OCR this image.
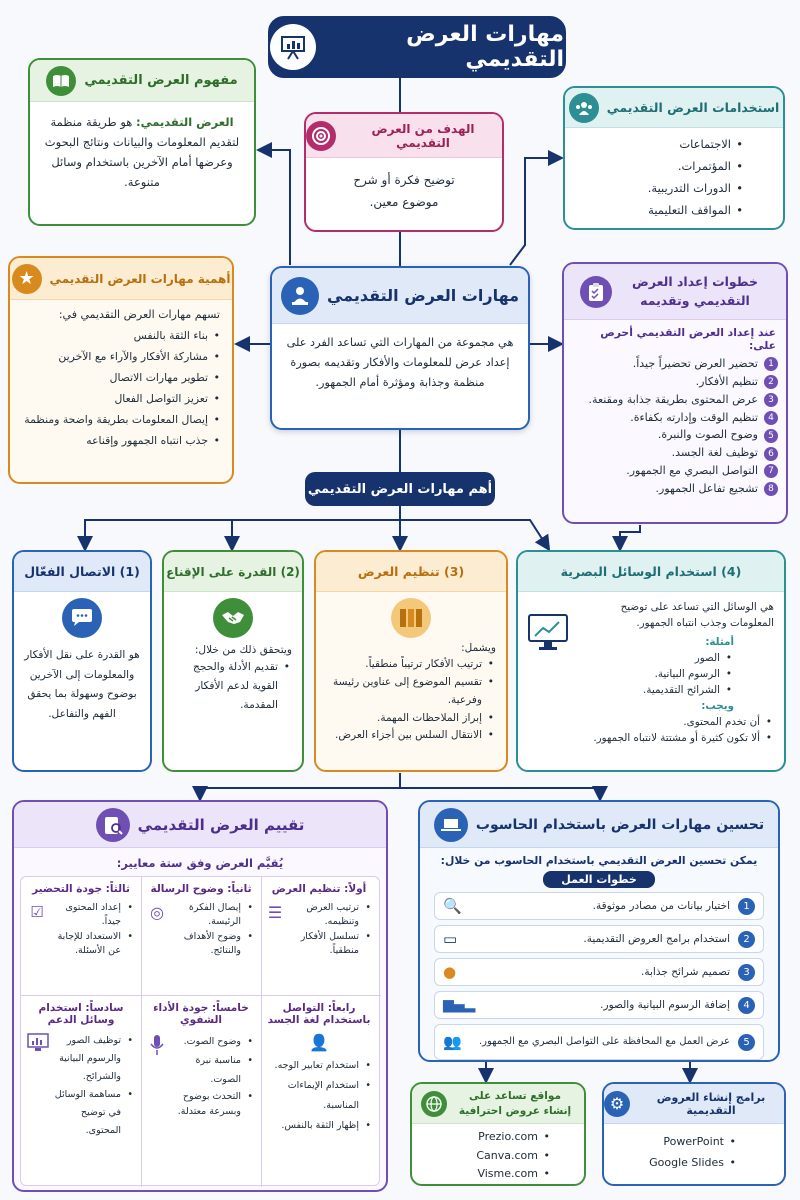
مهارات العرض التقديمي
مفهوم العرض التقديمي
العرض التقديمي: هو طريقة منظمة لتقديم المعلومات والبيانات ونتائج البحوث وعرضها أمام الآخرين باستخدام وسائل متنوعة.
الهدف من العرض التقديمي
توضيح فكرة أو شرح موضوع معين.
استخدامات العرض التقديمي
• الاجتماعات
• المؤتمرات.
• الدورات التدريبية.
• المواقف التعليمية
أهمية مهارات العرض التقديمي
★
تسهم مهارات العرض التقديمي في:
• بناء الثقة بالنفس
• مشاركة الأفكار والآراء مع الآخرين
• تطوير مهارات الاتصال
• تعزيز التواصل الفعال
• إيصال المعلومات بطريقة واضحة ومنظمة
• جذب انتباه الجمهور وإقناعه
مهارات العرض التقديمي
هي مجموعة من المهارات التي تساعد الفرد على إعداد عرض للمعلومات والأفكار وتقديمه بصورة منظمة وجذابة ومؤثرة أمام الجمهور.
خطوات إعداد العرض التقديمي وتقديمه
عند إعداد العرض التقديمي أحرص على:
1
تحضير العرض تحضيراً جيداً.
2
تنظيم الأفكار.
3
عرض المحتوى بطريقة جذابة ومقنعة.
4
تنظيم الوقت وإدارته بكفاءة.
5
وضوح الصوت والنبرة.
6
توظيف لغة الجسد.
7
التواصل البصري مع الجمهور.
8
تشجيع تفاعل الجمهور.
أهم مهارات العرض التقديمي
(4) استخدام الوسائل البصرية
هي الوسائل التي تساعد على توضيح المعلومات وجذب انتباه الجمهور.
أمثلة:
• الصور
• الرسوم البيانية.
• الشرائح التقديمية.
ويجب:
• أن تخدم المحتوى.
• ألا تكون كثيرة أو مشتتة لانتباه الجمهور.
(3) تنظيم العرض
ويشمل:
• ترتيب الأفكار ترتيباً منطقياً.
• تقسيم الموضوع إلى عناوين رئيسة وفرعية.
• إبراز الملاحظات المهمة.
• الانتقال السلس بين أجزاء العرض.
(2) القدرة على الإقناع
ويتحقق ذلك من خلال:
• تقديم الأدلة والحجج القوية لدعم الأفكار المقدمة.
(1) الاتصال الفعّال
هو القدرة على نقل الأفكار والمعلومات إلى الآخرين بوضوح وسهولة بما يحقق الفهم والتفاعل.
تقييم العرض التقديمي
يُقيَّم العرض وفق ستة معايير:
أولاً: تنظيم العرض
• ترتيب العرض وتنظيمه.
• تسلسل الأفكار منطقياً.
☰
ثانياً: وضوح الرسالة
• إيصال الفكرة الرئيسة.
• وضوح الأهداف والنتائج.
◎
ثالثاً: جودة التحضير
• إعداد المحتوى جيداً.
• الاستعداد للإجابة عن الأسئلة.
☑
رابعاً: التواصل باستخدام لغة الجسد
👤
• استخدام تعابير الوجه.
• استخدام الإيماءات المناسبة.
• إظهار الثقة بالنفس.
خامساً: جودة الأداء الشفوي
• وضوح الصوت.
• مناسبة نبرة الصوت.
• التحدث بوضوح وبسرعة معتدلة.
سادساً: استخدام وسائل الدعم
• توظيف الصور والرسوم البيانية والشرائح.
• مساهمة الوسائل في توضيح المحتوى.
تحسين مهارات العرض باستخدام الحاسوب
يمكن تحسين العرض التقديمي باستخدام الحاسوب من خلال:
خطوات العمل
1
اختيار بيانات من مصادر موثوقة.
🔍
2
استخدام برامج العروض التقديمية.
▭
3
تصميم شرائح جذابة.
●
4
إضافة الرسوم البيانية والصور.
▂▄▆
5
عرض العمل مع المحافظة على التواصل البصري مع الجمهور.
👥
مواقع تساعد على إنشاء عروض احترافية
• Prezio.com
• Canva.com
• Visme.com
برامج إنشاء العروض التقديمية
⚙
• PowerPoint
• Google Slides
